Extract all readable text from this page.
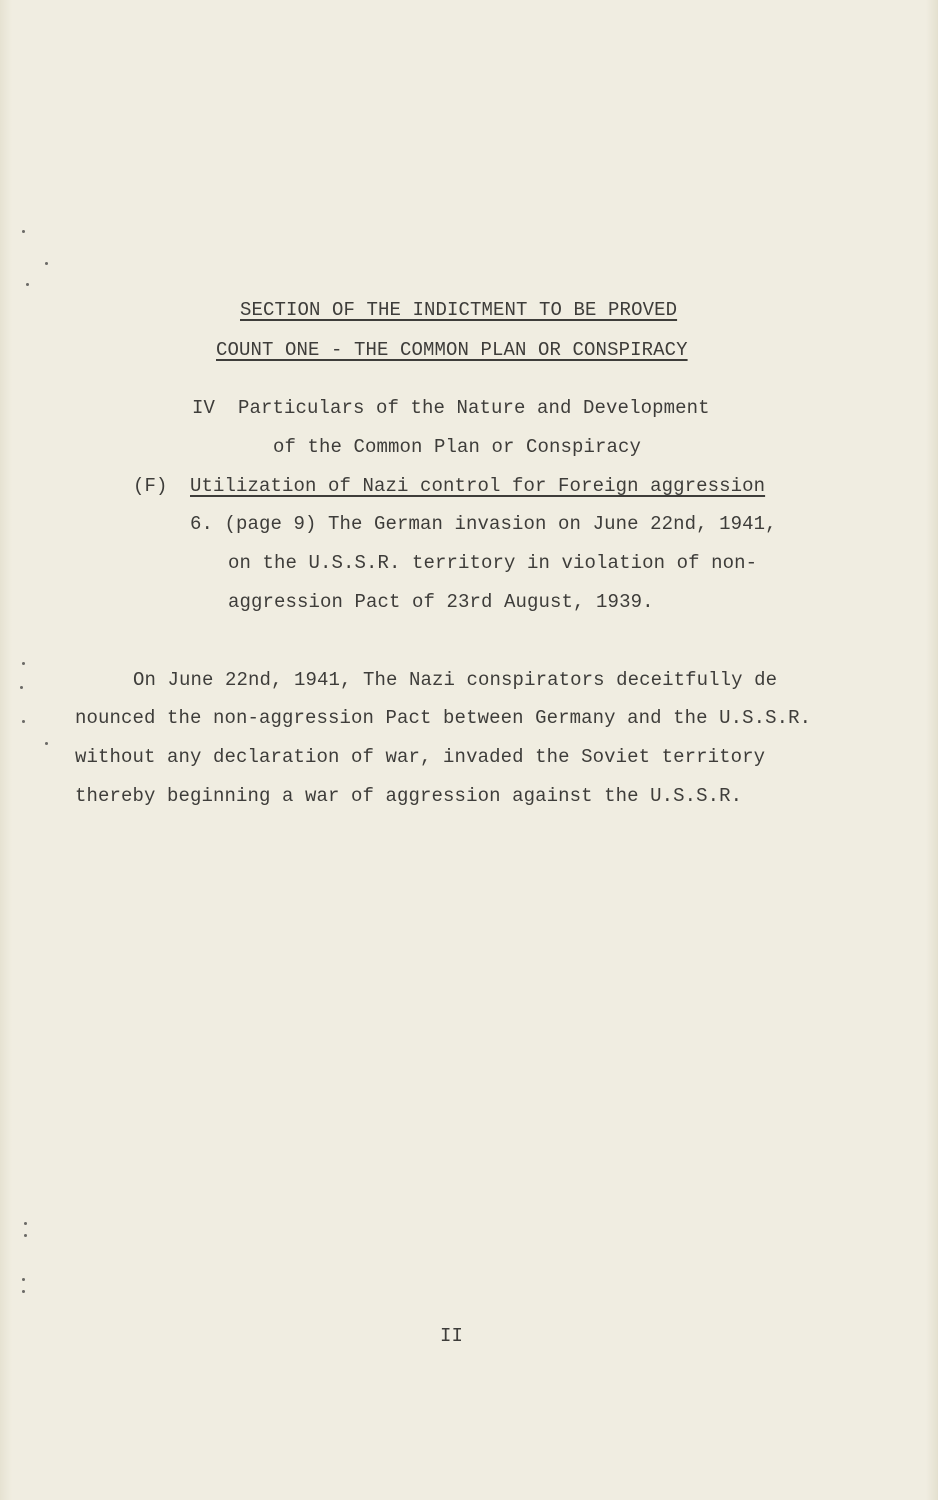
SECTION OF THE INDICTMENT TO BE PROVED
COUNT ONE - THE COMMON PLAN OR CONSPIRACY
IV Particulars of the Nature and Development
of the Common Plan or Conspiracy
(F) Utilization of Nazi control for Foreign aggression
6. (page 9) The German invasion on June 22nd, 1941,
on the U.S.S.R. territory in violation of non-
aggression Pact of 23rd August, 1939.
On June 22nd, 1941, The Nazi conspirators deceitfully de
nounced the non-aggression Pact between Germany and the U.S.S.R.
without any declaration of war, invaded the Soviet territory
thereby beginning a war of aggression against the U.S.S.R.
II
